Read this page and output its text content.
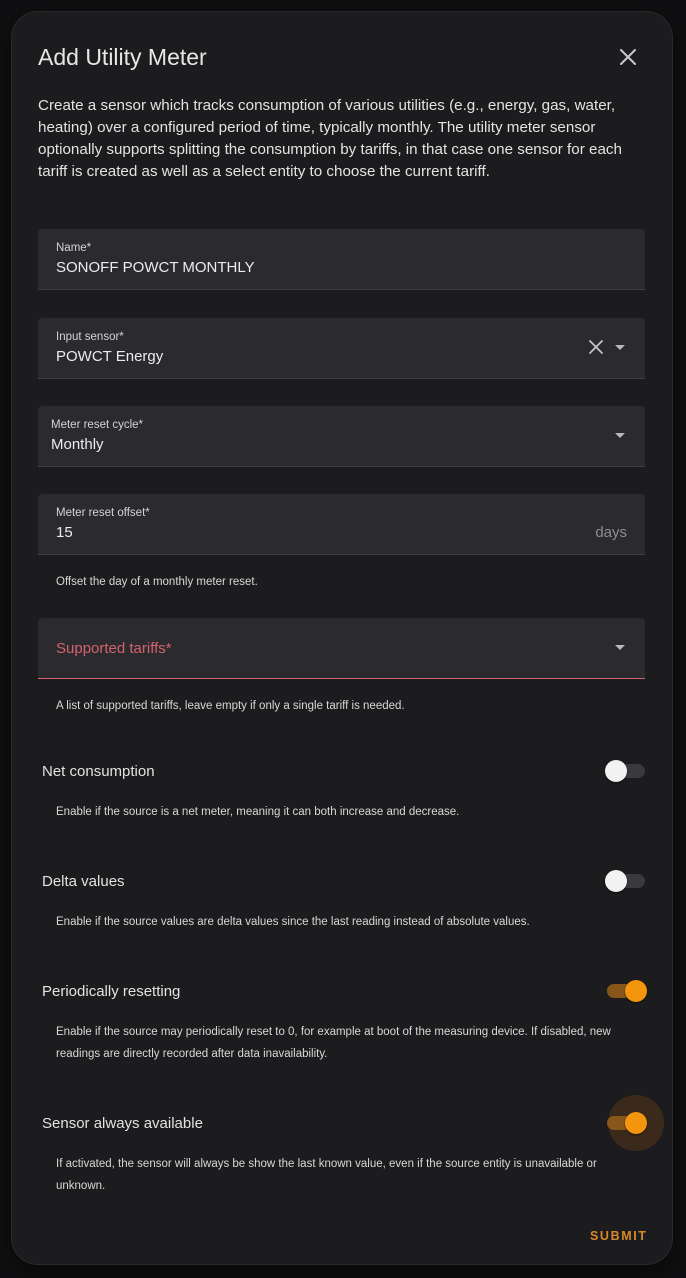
Add Utility Meter

Create a sensor which tracks consumption of various utilities (e.g., energy, gas, water, heating) over a configured period of time, typically monthly. The utility meter sensor optionally supports splitting the consumption by tariffs, in that case one sensor for each tariff is created as well as a select entity to choose the current tariff.

Name*
SONOFF POWCT MONTHLY
Input sensor*
POWCT Energy
Meter reset cycle*
Monthly
Meter reset offset*
15	days

Offset the day of a monthly meter reset.

Supported tariffs*

A list of supported tariffs, leave empty if only a single tariff is needed.

Net consumption

Enable if the source is a net meter, meaning it can both increase and decrease.

Delta values

Enable if the source values are delta values since the last reading instead of absolute values.

Periodically resetting

Enable if the source may periodically reset to 0, for example at boot of the measuring device. If disabled, new readings are directly recorded after data inavailability.

Sensor always available

If activated, the sensor will always be show the last known value, even if the source entity is unavailable or unknown.

SUBMIT
